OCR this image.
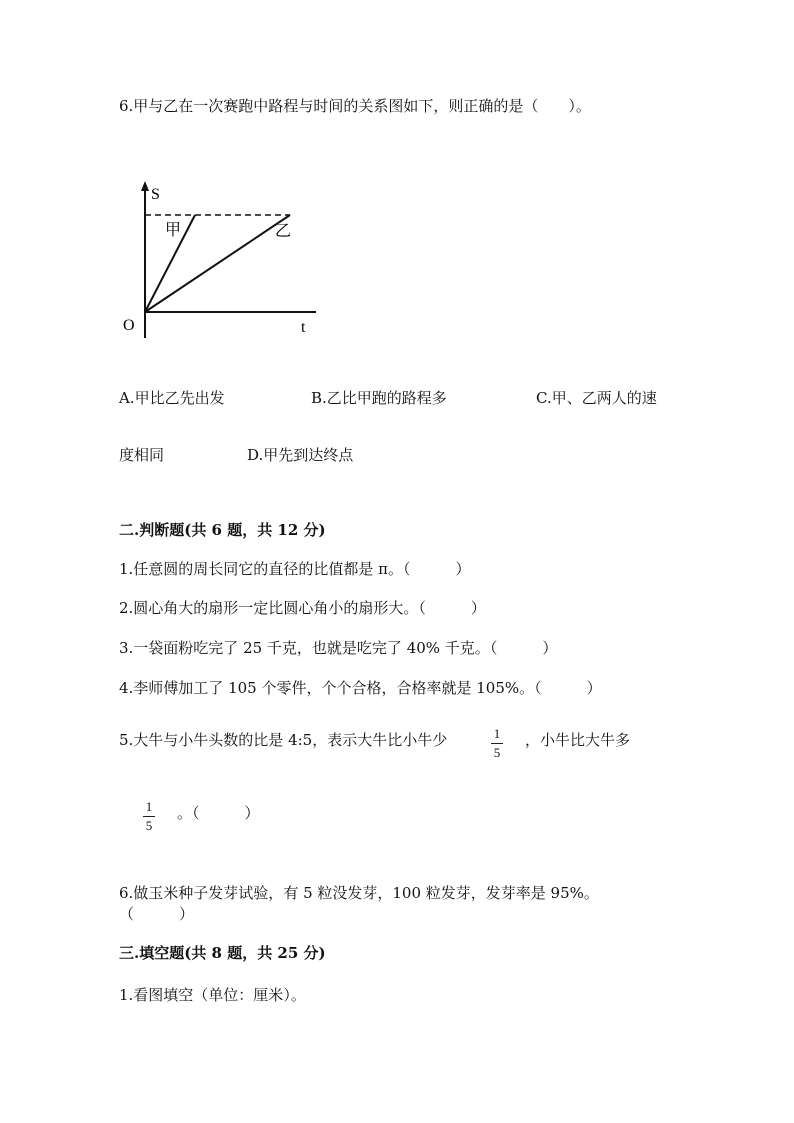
6.甲与乙在一次赛跑中路程与时间的关系图如下，则正确的是（　　）。
S
t
O
甲	乙
A.甲比乙先出发	B.乙比甲跑的路程多	C.甲、乙两人的速
度相同	D.甲先到达终点
二.判断题(共 6 题，共 12 分)
1.任意圆的周长同它的直径的比值都是 π。（　　　）
2.圆心角大的扇形一定比圆心角小的扇形大。（　　　）
3.一袋面粉吃完了 25 千克，也就是吃完了 40% 千克。（　　　）
4.李师傅加工了 105 个零件，个个合格，合格率就是 105%。（　　　）
5.大牛与小牛头数的比是 4:5，表示大牛比小牛少	1
5
，小牛比大牛多
1
5
。（　　　）
6.做玉米种子发芽试验，有 5 粒没发芽，100 粒发芽，发芽率是 95%。
（　　　）
三.填空题(共 8 题，共 25 分)
1.看图填空（单位：厘米）。
